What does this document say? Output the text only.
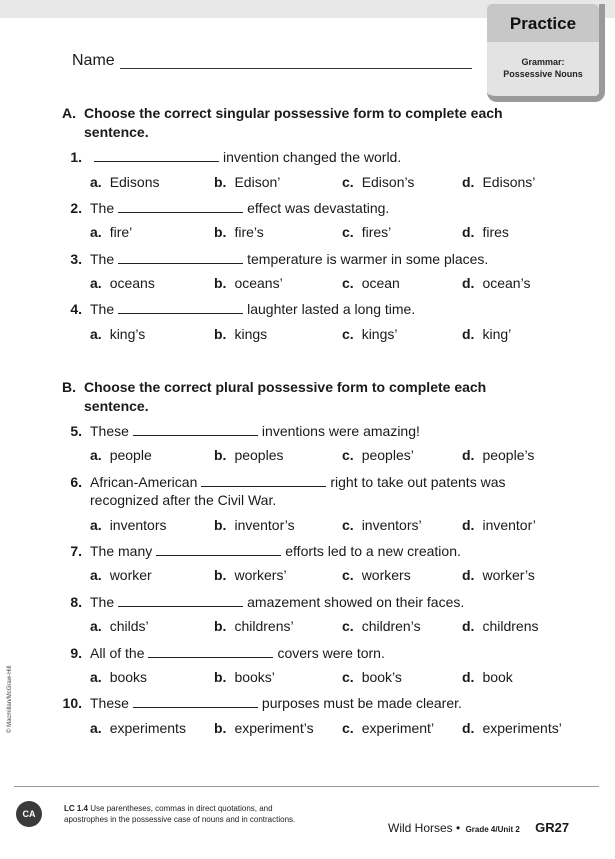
Name
Practice
Grammar:
Possessive Nouns
A. Choose the correct singular possessive form to complete each
sentence.
1.	invention changed the world.
a. Edisons	b. Edison’	c. Edison’s	d. Edisons’
2. The	effect was devastating.
a. fire’	b. fire’s	c. fires’	d. fires
3. The	temperature is warmer in some places.
a. oceans	b. oceans’	c. ocean	d. ocean’s
4. The	laughter lasted a long time.
a. king’s	b. kings	c. kings’	d. king’
5. These	inventions were amazing!
a. people	b. peoples	c. peoples’	d. people’s
6. African-American	right to take out patents was
recognized after the Civil War.
a. inventors	b. inventor’s	c. inventors’	d. inventor’
7. The many	efforts led to a new creation.
a. worker	b. workers’	c. workers	d. worker’s
8. The	amazement showed on their faces.
a. childs’	b. childrens’	c. children’s	d. childrens
9. All of the	covers were torn.
a. books	b. books’	c. book’s	d. book
10. These	purposes must be made clearer.
a. experiments b. experiment’s c. experiment’ d. experiments’
B. Choose the correct plural possessive form to complete each
sentence.
© Macmillan/McGraw-Hill
CA
LC 1.4 Use parentheses, commas in direct quotations, and
apostrophes in the possessive case of nouns and in contractions.
Wild Horses • Grade 4/Unit 2 GR27
